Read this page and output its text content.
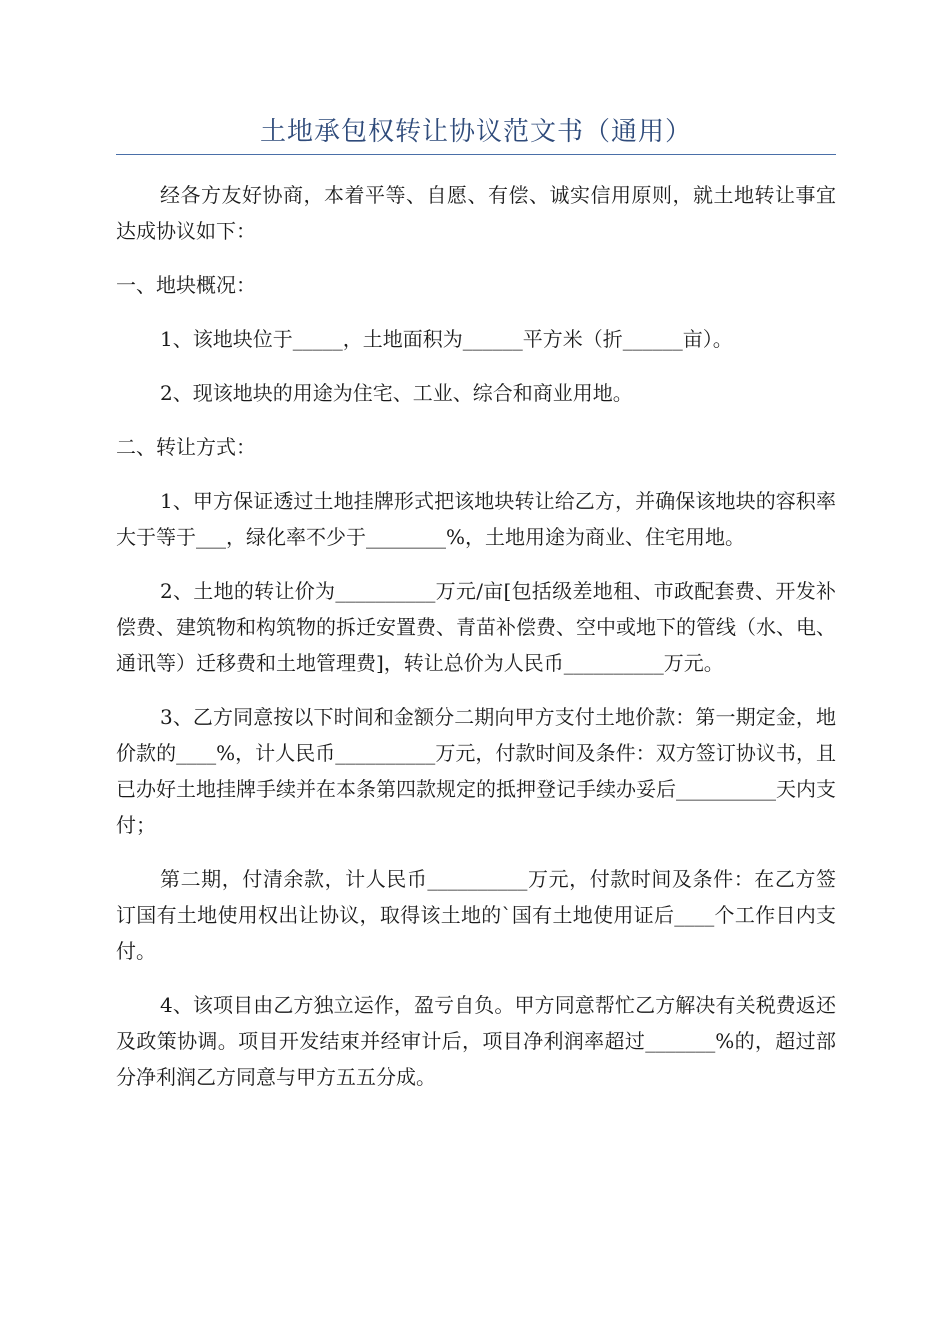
土地承包权转让协议范文书（通用）

经各方友好协商，本着平等、自愿、有偿、诚实信用原则，就土地转让事宜达成协议如下：

一、地块概况：

1、该地块位于_____，土地面积为______平方米（折______亩）。

2、现该地块的用途为住宅、工业、综合和商业用地。

二、转让方式：

1、甲方保证透过土地挂牌形式把该地块转让给乙方，并确保该地块的容积率大于等于___，绿化率不少于________%，土地用途为商业、住宅用地。

2、土地的转让价为__________万元/亩[包括级差地租、市政配套费、开发补偿费、建筑物和构筑物的拆迁安置费、青苗补偿费、空中或地下的管线（水、电、通讯等）迁移费和土地管理费]，转让总价为人民币__________万元。

3、乙方同意按以下时间和金额分二期向甲方支付土地价款：第一期定金，地价款的____%，计人民币__________万元，付款时间及条件：双方签订协议书，且已办好土地挂牌手续并在本条第四款规定的抵押登记手续办妥后__________天内支付；

第二期，付清余款，计人民币__________万元，付款时间及条件：在乙方签订国有土地使用权出让协议，取得该土地的`国有土地使用证后____个工作日内支付。

4、该项目由乙方独立运作，盈亏自负。甲方同意帮忙乙方解决有关税费返还及政策协调。项目开发结束并经审计后，项目净利润率超过_______%的，超过部分净利润乙方同意与甲方五五分成。
